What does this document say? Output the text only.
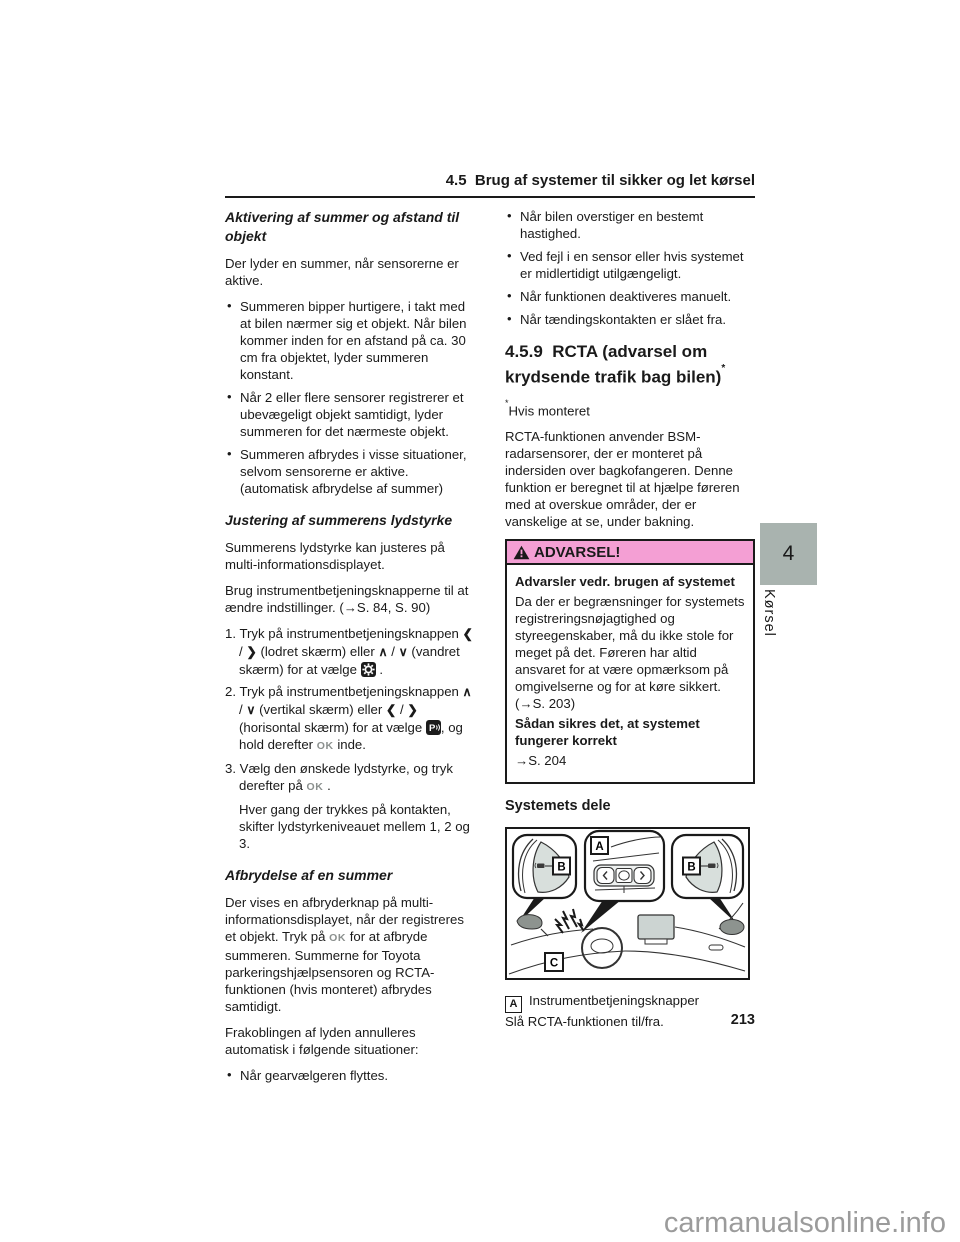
4.5  Brug af systemer til sikker og let kørsel
Aktivering af summer og afstand til objekt

Der lyder en summer, når sensorerne er aktive.

• Summeren bipper hurtigere, i takt med at bilen nærmer sig et objekt. Når bilen kommer inden for en afstand på ca. 30 cm fra objektet, lyder summeren konstant.
• Når 2 eller flere sensorer registrerer et ubevægeligt objekt samtidigt, lyder summeren for det nærmeste objekt.
• Summeren afbrydes i visse situationer, selvom sensorerne er aktive. (automatisk afbrydelse af summer)
Justering af summerens lydstyrke

Summerens lydstyrke kan justeres på multi-informationsdisplayet.

Brug instrumentbetjeningsknapperne til at ændre indstillinger. (→S. 84, S. 90)

1. Tryk på instrumentbetjeningsknappen ❮ / ❯ (lodret skærm) eller ∧ / ∨ (vandret skærm) for at vælge
.
2. Tryk på instrumentbetjeningsknappen ∧ / ∨ (vertikal skærm) eller ❮ / ❯ (horisontal skærm) for at vælge P , og hold derefter OK inde.
3. Vælg den ønskede lydstyrke, og tryk derefter på OK .
Hver gang der trykkes på kontakten, skifter lydstyrkeniveauet mellem 1, 2 og 3.
Afbrydelse af en summer

Der vises en afbryderknap på multi-informationsdisplayet, når der registreres et objekt. Tryk på OK for at afbryde summeren. Summerne for Toyota parkeringshjælpsensoren og RCTA-funktionen (hvis monteret) afbrydes samtidigt.

Frakoblingen af lyden annulleres automatisk i følgende situationer:

• Når gearvælgeren flyttes.
• Når bilen overstiger en bestemt hastighed.
• Ved fejl i en sensor eller hvis systemet er midlertidigt utilgængeligt.
• Når funktionen deaktiveres manuelt.
• Når tændingskontakten er slået fra.
4.5.9  RCTA (advarsel om krydsende trafik bag bilen)*

*Hvis monteret

RCTA-funktionen anvender BSM-radarsensorer, der er monteret på indersiden over bagkofangeren. Denne funktion er beregnet til at hjælpe føreren med at overskue områder, der er vanskelige at se, under bakning.

ADVARSEL!

Advarsler vedr. brugen af systemet

Da der er begrænsninger for systemets registreringsnøjagtighed og styreegenskaber, må du ikke stole for meget på det. Føreren har altid ansvaret for at være opmærksom på omgivelserne og for at køre sikkert. (→S. 203)

Sådan sikres det, at systemet fungerer korrekt

→S. 204

Systemets dele
B
A
B
C
A Instrumentbetjeningsknapper
Slå RCTA-funktionen til/fra.
4
Kørsel
213
carmanualsonline.info
